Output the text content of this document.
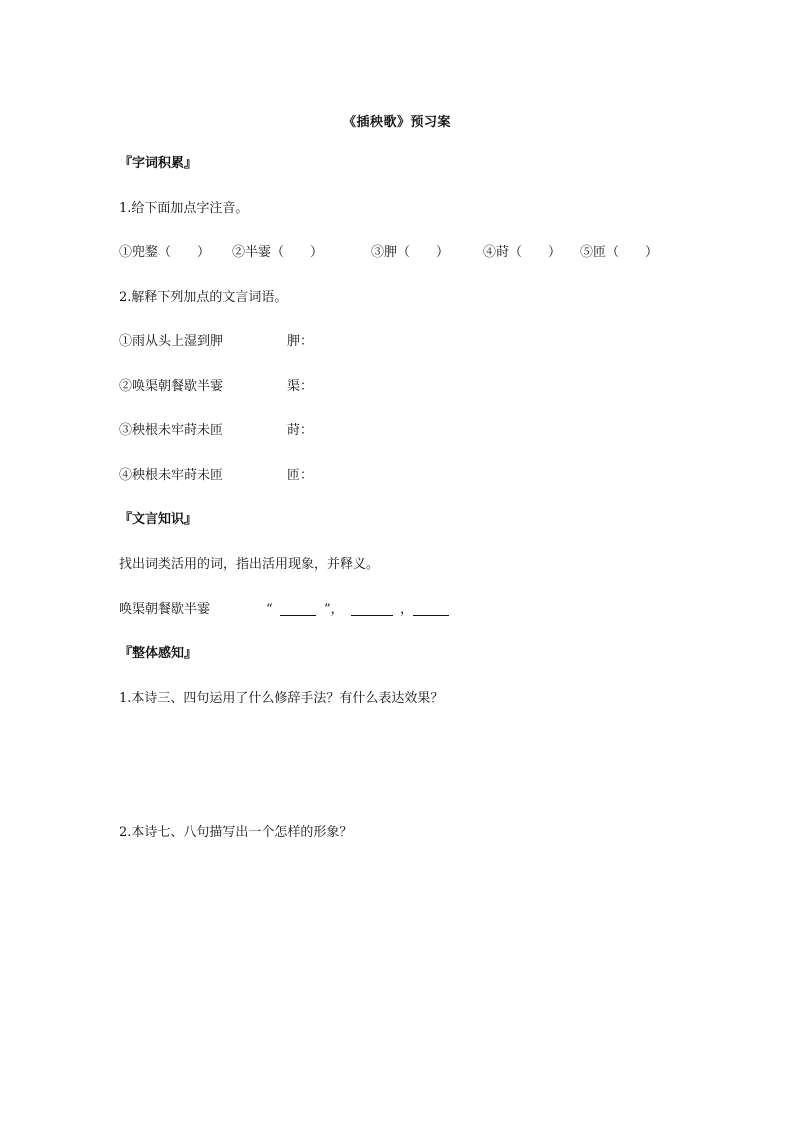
《插秧歌》预习案
『字词积累』
1.给下面加点字注音。
①兜鍪（　　） ②半霎（　　）	③胛（　　）	④莳（　　） ⑤匝（　　）
2.解释下列加点的文言词语。
①雨从头上湿到胛	胛：
②唤渠朝餐歇半霎	渠：
③秧根未牢莳未匝	莳：
④秧根未牢莳未匝	匝：
『文言知识』
找出词类活用的词，指出活用现象，并释义。
唤渠朝餐歇半霎	“	”，	，
『整体感知』
1.本诗三、四句运用了什么修辞手法？有什么表达效果？
2.本诗七、八句描写出一个怎样的形象？
